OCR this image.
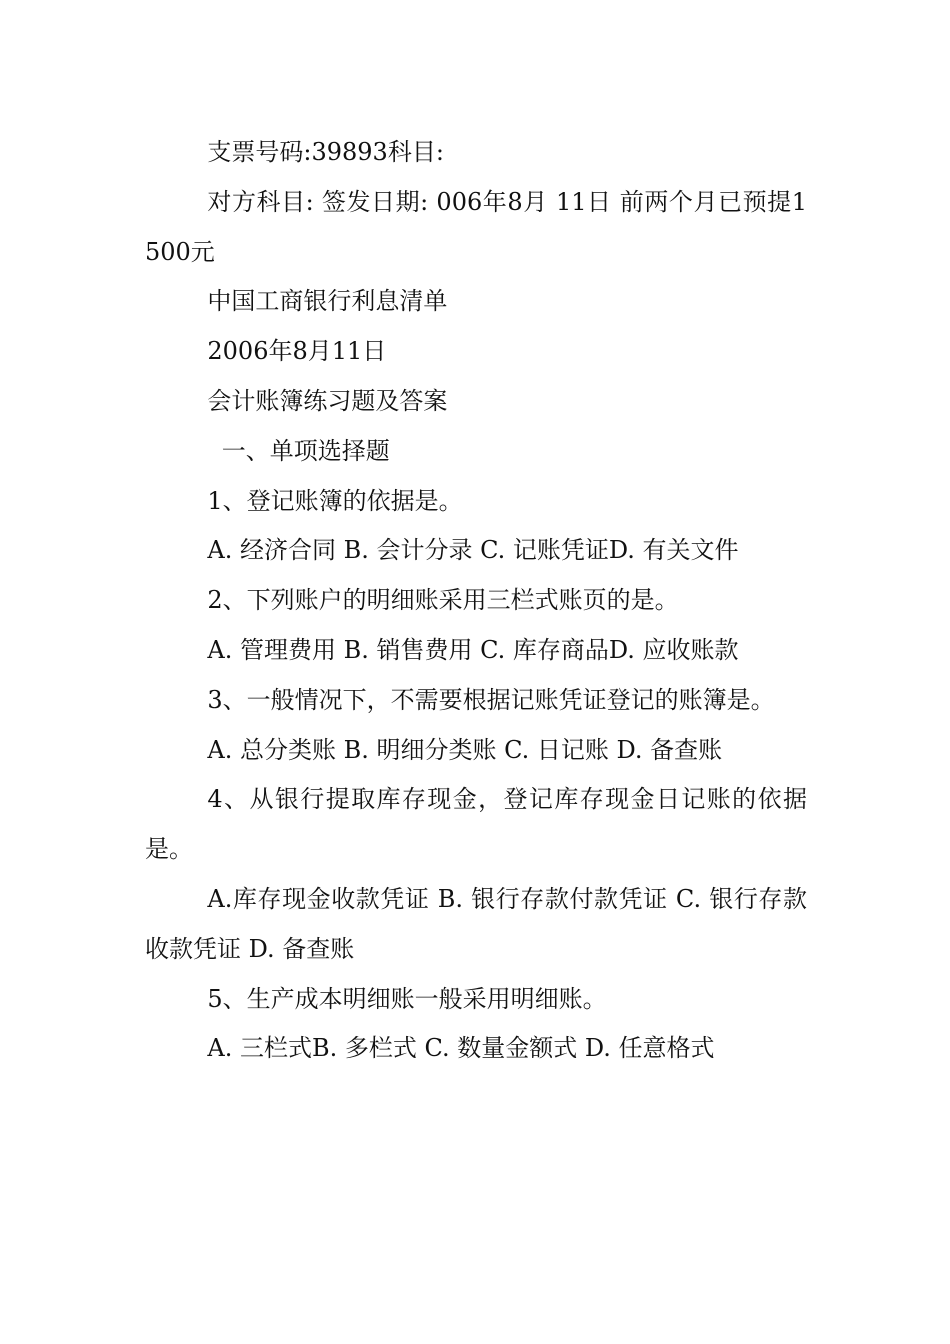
支票号码:39893科目:

对方科目: 签发日期: 006年8月 11日 前两个月已预提1500元

中国工商银行利息清单

2006年8月11日

会计账簿练习题及答案

一、单项选择题

1、登记账簿的依据是。

A. 经济合同 B. 会计分录 C. 记账凭证D. 有关文件

2、下列账户的明细账采用三栏式账页的是。

A. 管理费用 B. 销售费用 C. 库存商品D. 应收账款

3、一般情况下，不需要根据记账凭证登记的账簿是。

A. 总分类账 B. 明细分类账 C. 日记账 D. 备查账

4、从银行提取库存现金，登记库存现金日记账的依据是。

A.库存现金收款凭证 B. 银行存款付款凭证 C. 银行存款收款凭证 D. 备查账

5、生产成本明细账一般采用明细账。

A. 三栏式B. 多栏式 C. 数量金额式 D. 任意格式
